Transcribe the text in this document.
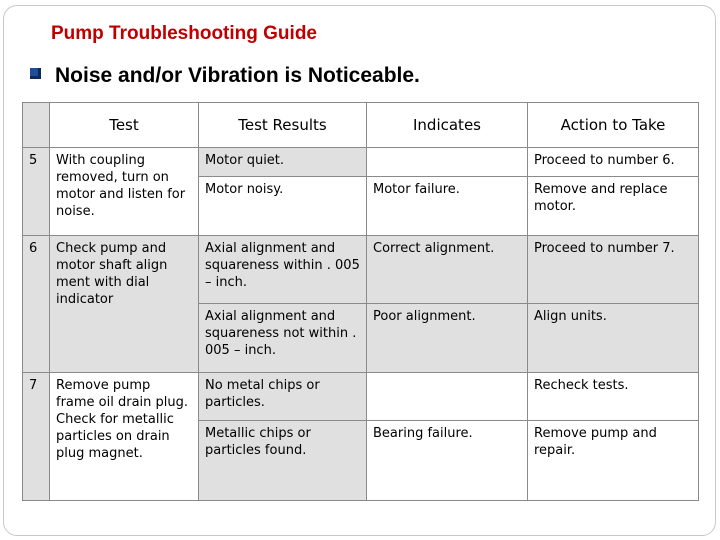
Pump Troubleshooting Guide
Noise and/or Vibration is Noticeable.
	Test	Test Results	Indicates	Action to Take
5	With coupling removed, turn on motor and listen for noise.	Motor quiet.		Proceed to number 6.
		Motor noisy.	Motor failure.	Remove and replace motor.
6	Check pump and motor shaft align ment with dial indicator	Axial alignment and squareness within . 005 – inch.	Correct alignment.	Proceed to number 7.
		Axial alignment and squareness not within . 005 – inch.	Poor alignment.	Align units.
7	Remove pump frame oil drain plug. Check for metallic particles on drain plug magnet.	No metal chips or particles.		Recheck tests.
		Metallic chips or particles found.	Bearing failure.	Remove pump and repair.
